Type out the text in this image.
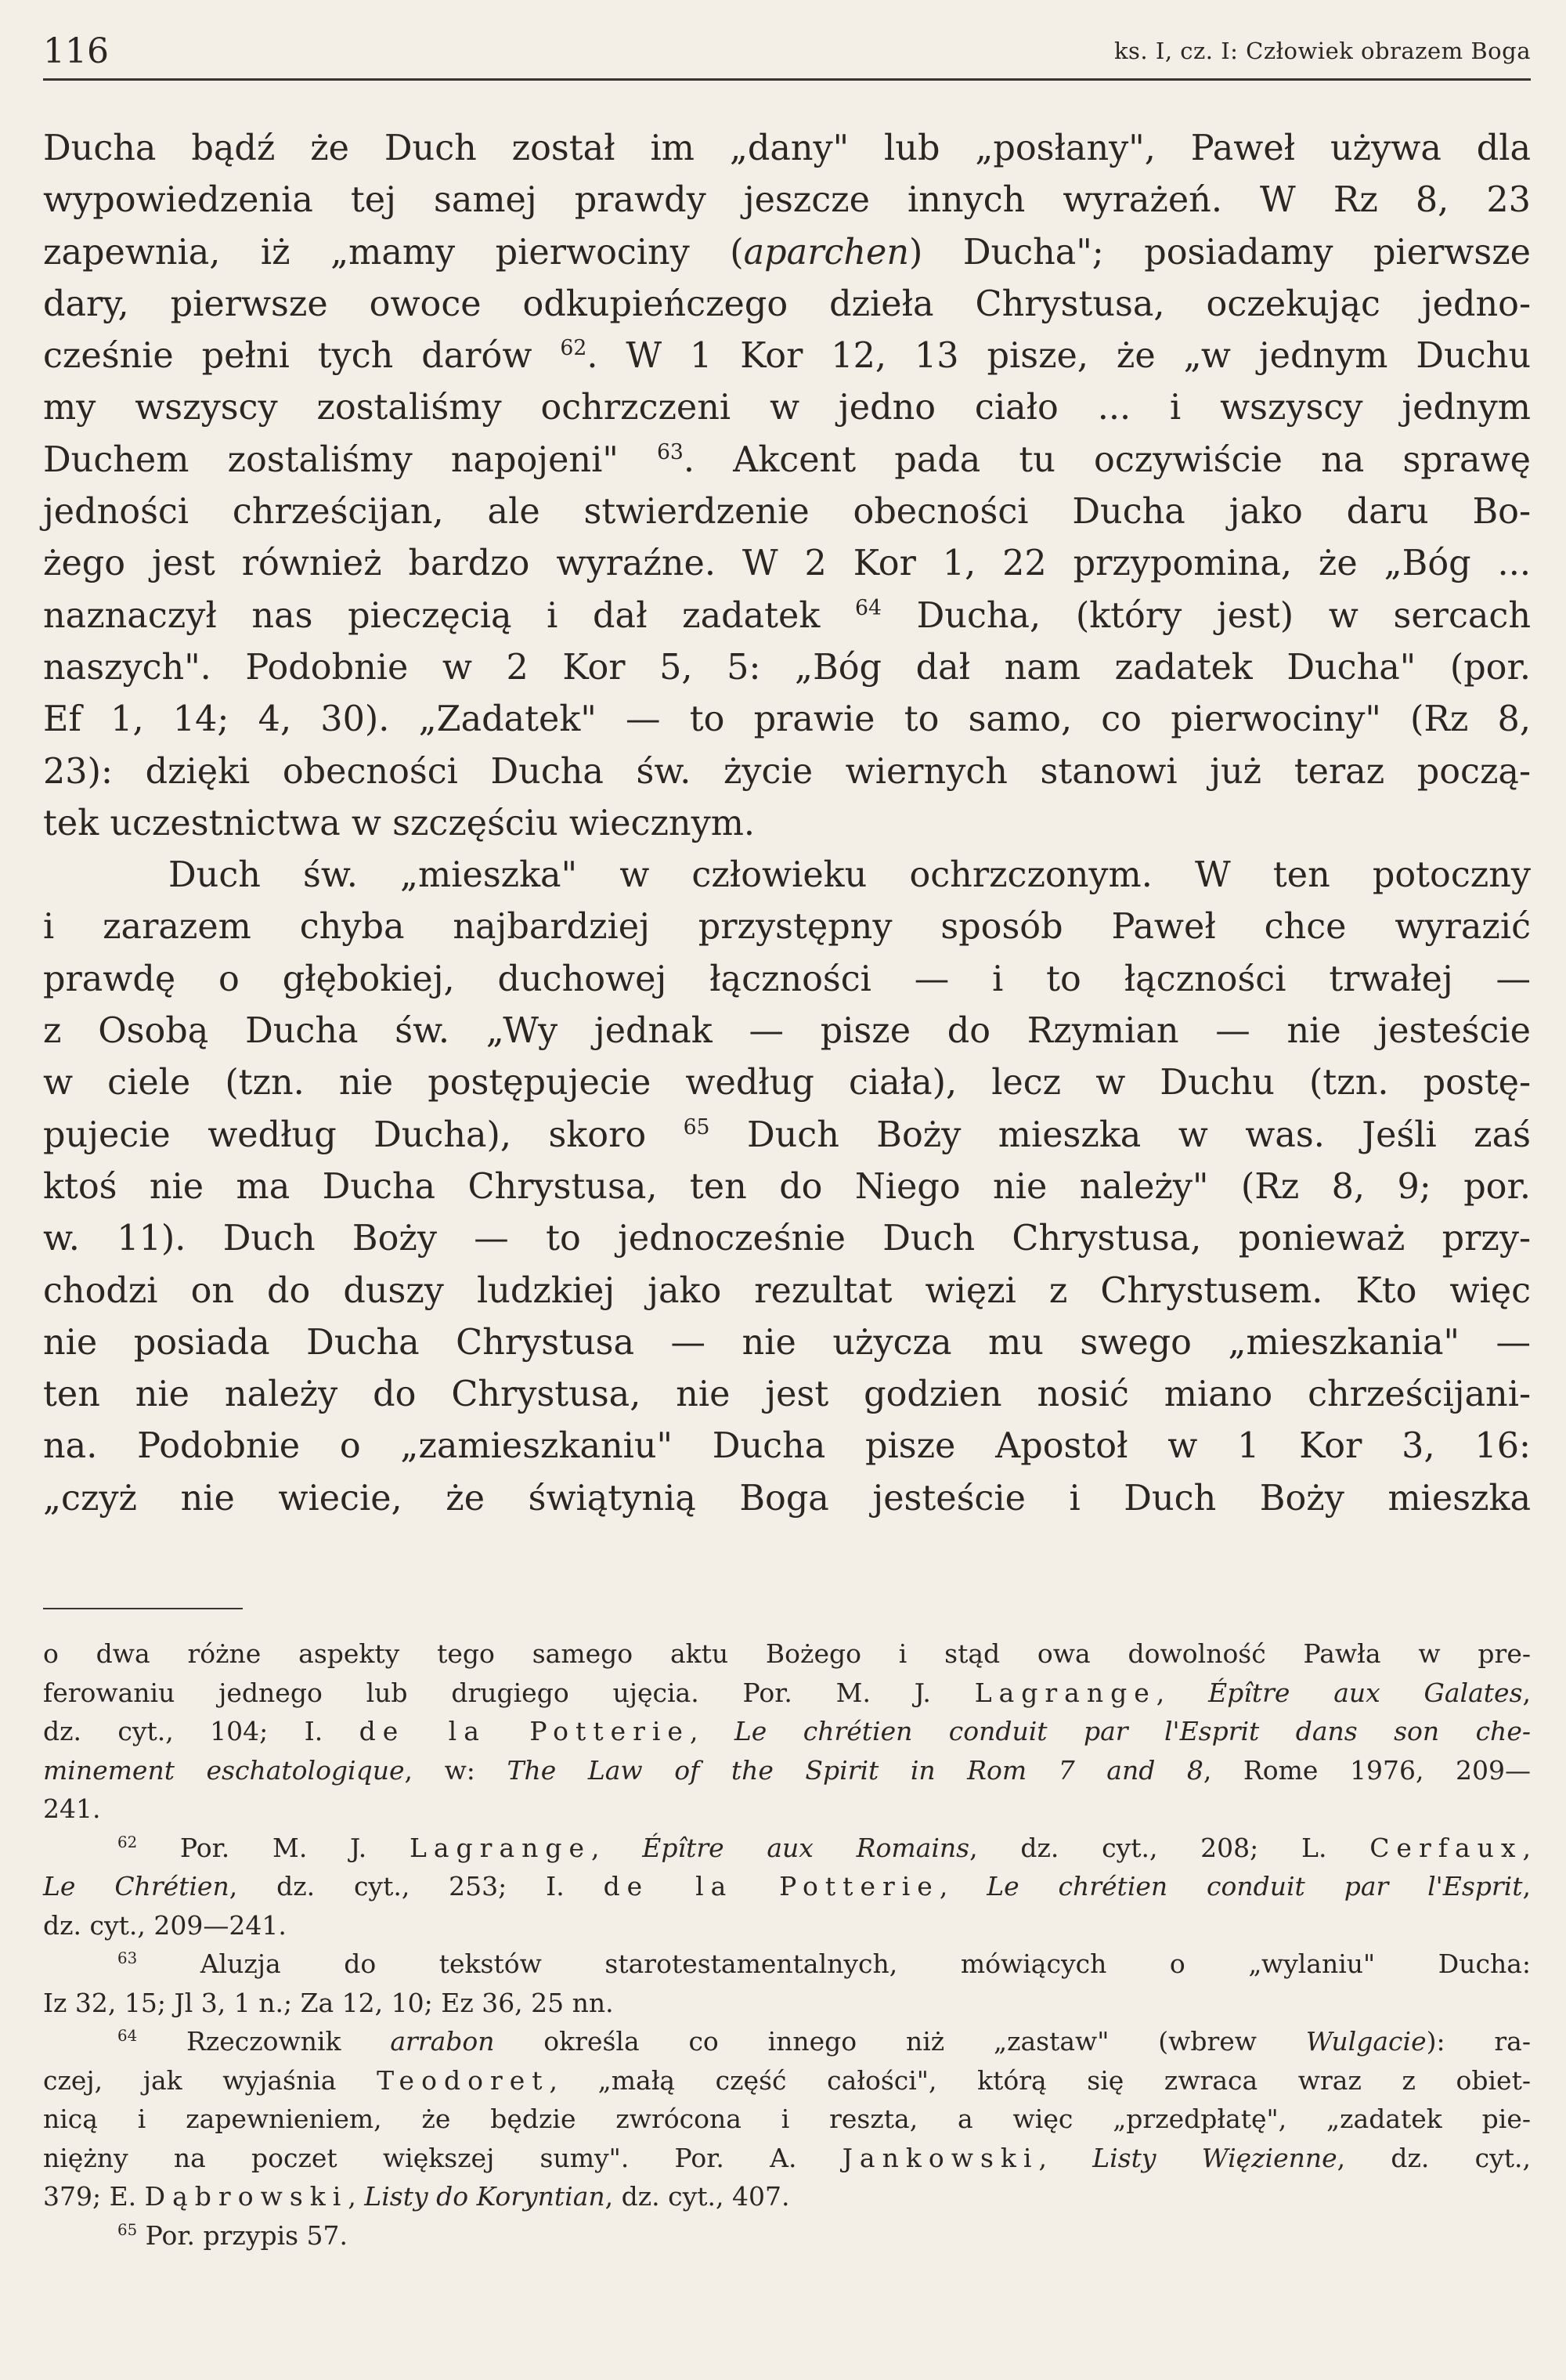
116	ks. I, cz. I: Człowiek obrazem Boga
Ducha bądź że Duch został im „dany" lub „posłany", Paweł używa dla
wypowiedzenia tej samej prawdy jeszcze innych wyrażeń. W Rz 8, 23
zapewnia, iż „mamy pierwociny (aparchen) Ducha"; posiadamy pierwsze
dary, pierwsze owoce odkupieńczego dzieła Chrystusa, oczekując jedno-
cześnie pełni tych darów $^{62}$. W 1 Kor 12, 13 pisze, że „w jednym Duchu
my wszyscy zostaliśmy ochrzczeni w jedno ciało ... i wszyscy jednym
Duchem zostaliśmy napojeni" $^{63}$. Akcent pada tu oczywiście na sprawę
jedności chrześcijan, ale stwierdzenie obecności Ducha jako daru Bo-
żego jest również bardzo wyraźne. W 2 Kor 1, 22 przypomina, że „Bóg ...
naznaczył nas pieczęcią i dał zadatek $^{64}$ Ducha, (który jest) w sercach
naszych". Podobnie w 2 Kor 5, 5: „Bóg dał nam zadatek Ducha" (por.
Ef 1, 14; 4, 30). „Zadatek" — to prawie to samo, co pierwociny" (Rz 8,
23): dzięki obecności Ducha św. życie wiernych stanowi już teraz począ-
tek uczestnictwa w szczęściu wiecznym.
Duch św. „mieszka" w człowieku ochrzczonym. W ten potoczny
i zarazem chyba najbardziej przystępny sposób Paweł chce wyrazić
prawdę o głębokiej, duchowej łączności — i to łączności trwałej —
z Osobą Ducha św. „Wy jednak — pisze do Rzymian — nie jesteście
w ciele (tzn. nie postępujecie według ciała), lecz w Duchu (tzn. postę-
pujecie według Ducha), skoro $^{65}$ Duch Boży mieszka w was. Jeśli zaś
ktoś nie ma Ducha Chrystusa, ten do Niego nie należy" (Rz 8, 9; por.
w. 11). Duch Boży — to jednocześnie Duch Chrystusa, ponieważ przy-
chodzi on do duszy ludzkiej jako rezultat więzi z Chrystusem. Kto więc
nie posiada Ducha Chrystusa — nie użycza mu swego „mieszkania" —
ten nie należy do Chrystusa, nie jest godzien nosić miano chrześcijani-
na. Podobnie o „zamieszkaniu" Ducha pisze Apostoł w 1 Kor 3, 16:
„czyż nie wiecie, że świątynią Boga jesteście i Duch Boży mieszka
o dwa różne aspekty tego samego aktu Bożego i stąd owa dowolność Pawła w pre-
ferowaniu jednego lub drugiego ujęcia. Por. M. J. Lagrange, Épître aux Galates,
dz. cyt., 104; I. de la Potterie, Le chrétien conduit par l'Esprit dans son che-
minement eschatologique, w: The Law of the Spirit in Rom 7 and 8, Rome 1976, 209—
241.
$^{62}$ Por. M. J. Lagrange, Épître aux Romains, dz. cyt., 208; L. Cerfaux,
Le Chrétien, dz. cyt., 253; I. de la Potterie, Le chrétien conduit par l'Esprit,
dz. cyt., 209—241.
$^{63}$ Aluzja do tekstów starotestamentalnych, mówiących o „wylaniu" Ducha:
Iz 32, 15; Jl 3, 1 n.; Za 12, 10; Ez 36, 25 nn.
$^{64}$ Rzeczownik arrabon określa co innego niż „zastaw" (wbrew Wulgacie): ra-
czej, jak wyjaśnia Teodoret, „małą część całości", którą się zwraca wraz z obiet-
nicą i zapewnieniem, że będzie zwrócona i reszta, a więc „przedpłatę", „zadatek pie-
niężny na poczet większej sumy". Por. A. Jankowski, Listy Więzienne, dz. cyt.,
379; E. Dąbrowski, Listy do Koryntian, dz. cyt., 407.
$^{65}$ Por. przypis 57.
